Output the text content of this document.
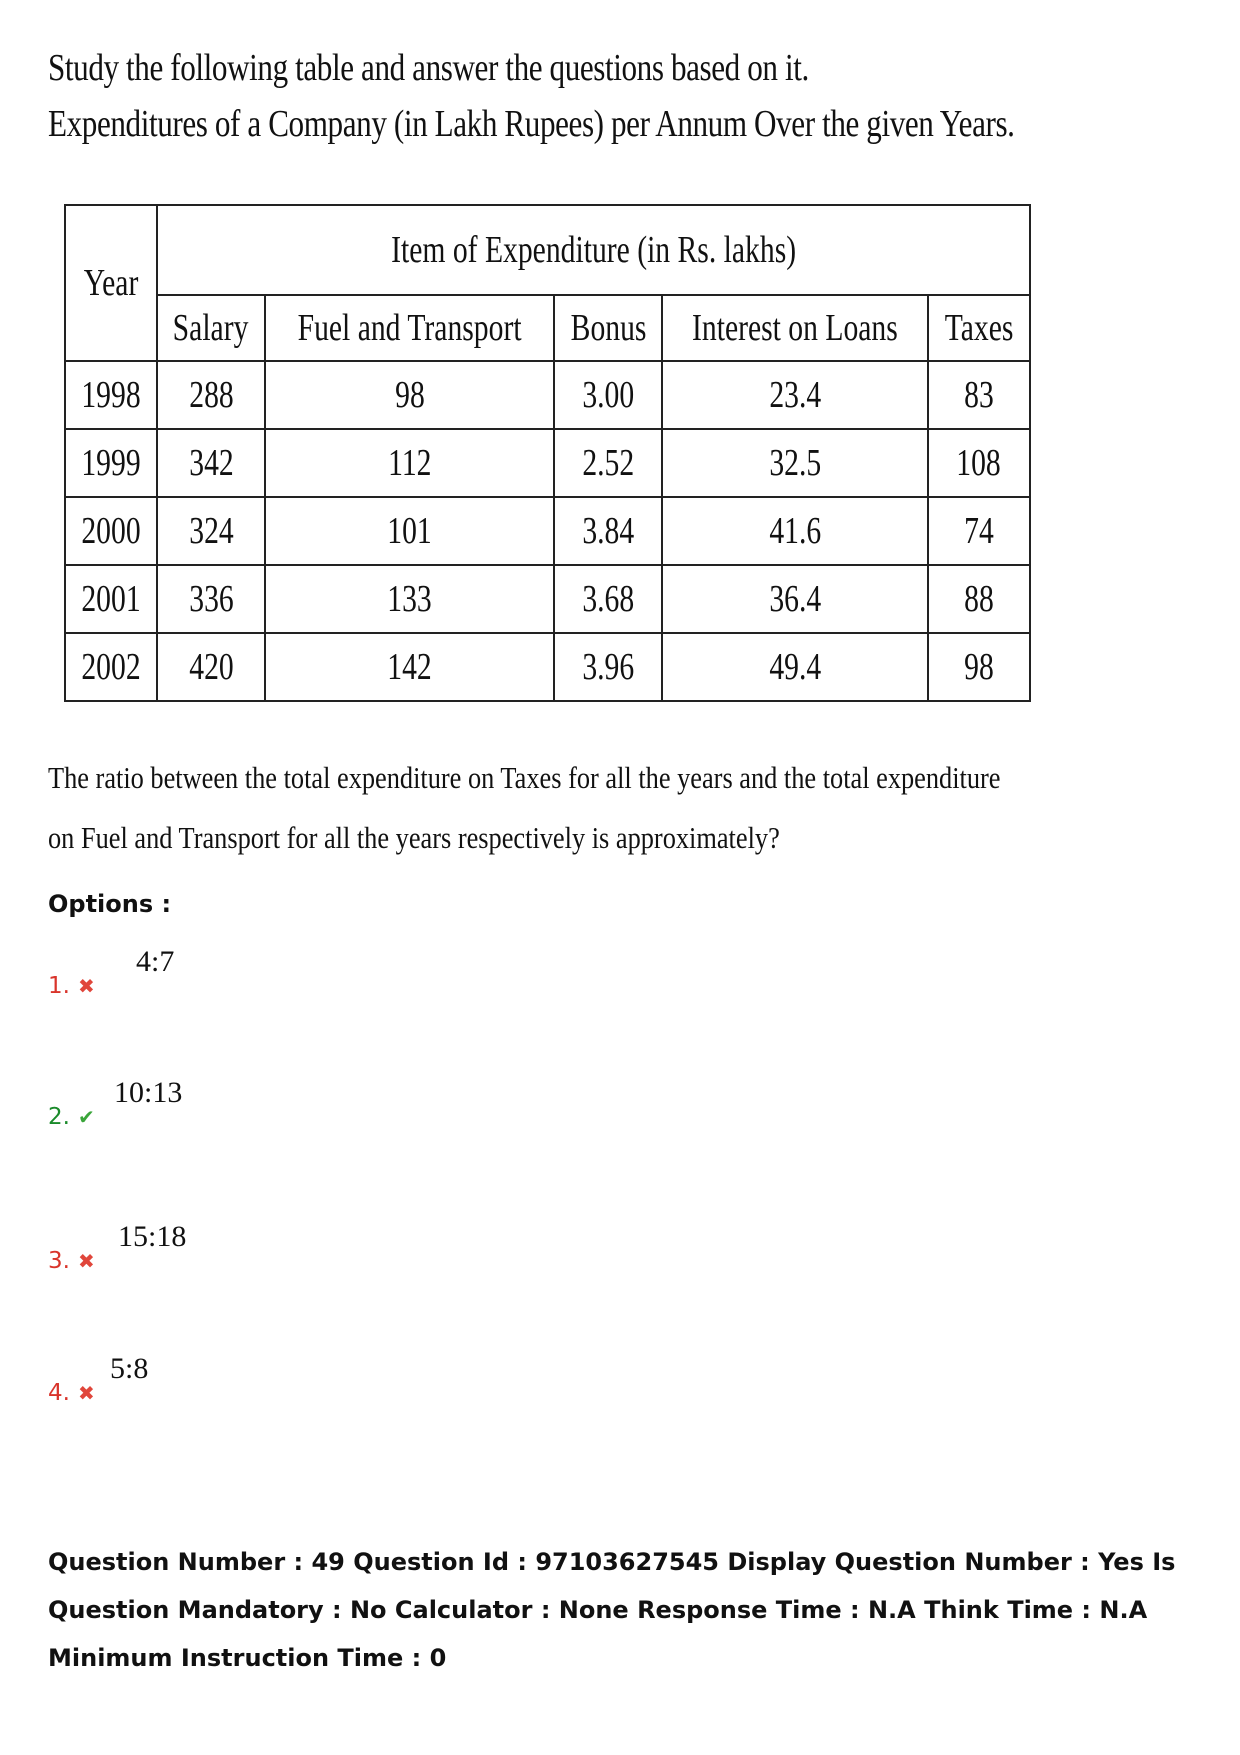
Study the following table and answer the questions based on it.
Expenditures of a Company (in Lakh Rupees) per Annum Over the given Years.
Year	Item of Expenditure (in Rs. lakhs)				
	Salary	Fuel and Transport	Bonus	Interest on Loans	Taxes
1998	288	98	3.00	23.4	83
1999	342	112	2.52	32.5	108
2000	324	101	3.84	41.6	74
2001	336	133	3.68	36.4	88
2002	420	142	3.96	49.4	98
The ratio between the total expenditure on Taxes for all the years and the total expenditure
on Fuel and Transport for all the years respectively is approximately?
Options :
1. ✖
4:7
2. ✔
10:13
3. ✖
15:18
4. ✖
5:8
Question Number : 49 Question Id : 97103627545 Display Question Number : Yes Is Question Mandatory : No Calculator : None Response Time : N.A Think Time : N.A Minimum Instruction Time : 0
